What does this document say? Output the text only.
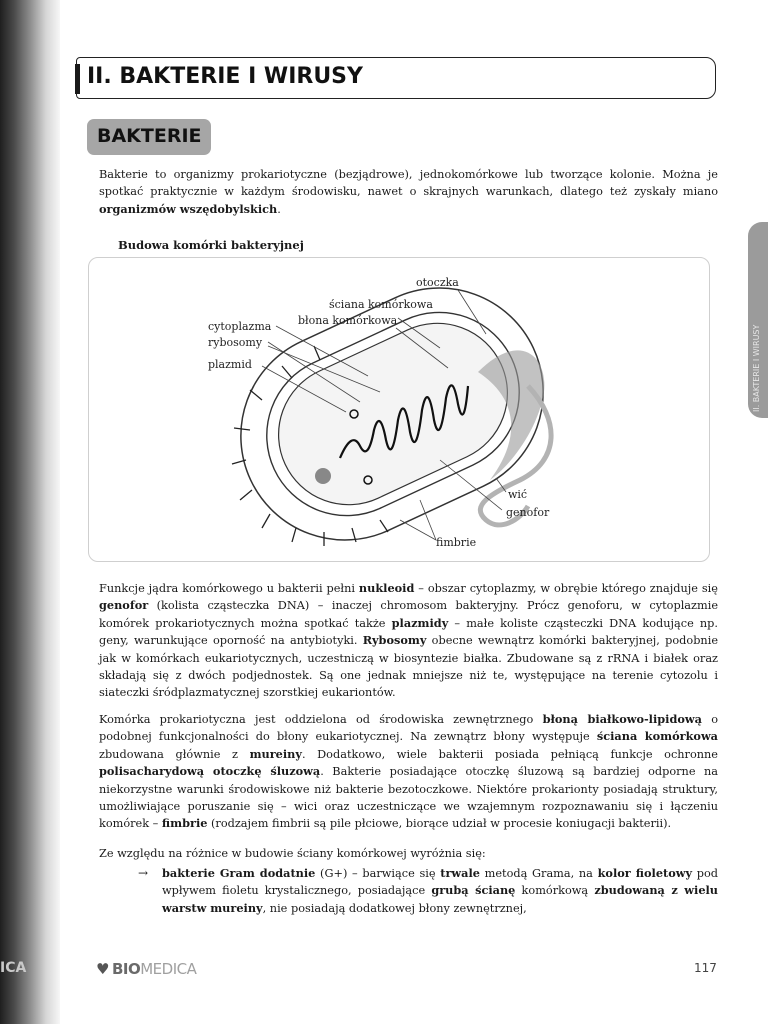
ICA
II. BAKTERIE I WIRUSY
II. BAKTERIE I WIRUSY
BAKTERIE

Bakterie to organizmy prokariotyczne (bezjądrowe), jednokomórkowe lub tworzące kolonie. Można je spotkać praktycznie w każdym środowisku, nawet o skrajnych warunkach, dlatego też zyskały miano organizmów wszędobylskich.

Budowa komórki bakteryjnej
otoczka
ściana komórkowa
błona komórkowa
cytoplazma
rybosomy
plazmid
wić
genofor
fimbrie

Funkcje jądra komórkowego u bakterii pełni nukleoid – obszar cytoplazmy, w obrębie którego znajduje się genofor (kolista cząsteczka DNA) – inaczej chromosom bakteryjny. Prócz genoforu, w cytoplazmie komórek prokariotycznych można spotkać także plazmidy – małe koliste cząsteczki DNA kodujące np. geny, warunkujące oporność na antybiotyki. Rybosomy obecne wewnątrz komórki bakteryjnej, podobnie jak w komórkach eukariotycznych, uczestniczą w biosyntezie białka. Zbudowane są z rRNA i białek oraz składają się z dwóch podjednostek. Są one jednak mniejsze niż te, występujące na terenie cytozolu i siateczki śródplazmatycznej szorstkiej eukariontów.

Komórka prokariotyczna jest oddzielona od środowiska zewnętrznego błoną białkowo-lipidową o podobnej funkcjonalności do błony eukariotycznej. Na zewnątrz błony występuje ściana komórkowa zbudowana głównie z mureiny. Dodatkowo, wiele bakterii posiada pełniącą funkcje ochronne polisacharydową otoczkę śluzową. Bakterie posiadające otoczkę śluzową są bardziej odporne na niekorzystne warunki środowiskowe niż bakterie bezotoczkowe. Niektóre prokarionty posiadają struktury, umożliwiające poruszanie się – wici oraz uczestniczące we wzajemnym rozpoznawaniu się i łączeniu komórek – fimbrie (rodzajem fimbrii są pile płciowe, biorące udział w procesie koniugacji bakterii).

Ze względu na różnice w budowie ściany komórkowej wyróżnia się:

→ bakterie Gram dodatnie (G+) – barwiące się trwale metodą Grama, na kolor fioletowy pod wpływem fioletu krystalicznego, posiadające grubą ścianę komórkową zbudowaną z wielu warstw mureiny, nie posiadają dodatkowej błony zewnętrznej,

♥ BIOMEDICA	117
